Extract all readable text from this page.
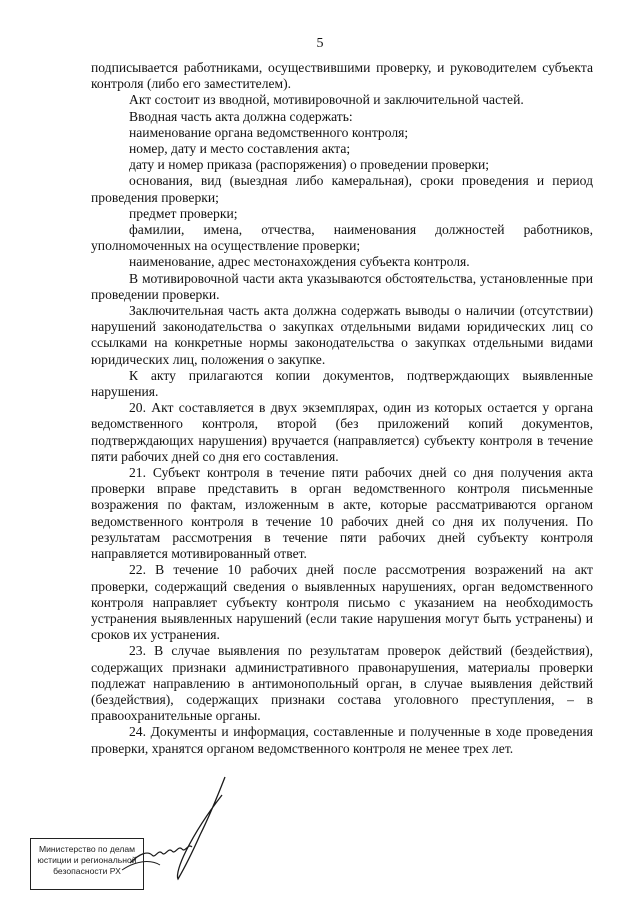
5

подписывается работниками, осуществившими проверку, и руководителем субъекта контроля (либо его заместителем).

Акт состоит из вводной, мотивировочной и заключительной частей.

Вводная часть акта должна содержать:

наименование органа ведомственного контроля;

номер, дату и место составления акта;

дату и номер приказа (распоряжения) о проведении проверки;

основания, вид (выездная либо камеральная), сроки проведения и период проведения проверки;

предмет проверки;

фамилии, имена, отчества, наименования должностей работников, уполномоченных на осуществление проверки;

наименование, адрес местонахождения субъекта контроля.

В мотивировочной части акта указываются обстоятельства, установленные при проведении проверки.

Заключительная часть акта должна содержать выводы о наличии (отсутствии) нарушений законодательства о закупках отдельными видами юридических лиц со ссылками на конкретные нормы законодательства о закупках отдельными видами юридических лиц, положения о закупке.

К акту прилагаются копии документов, подтверждающих выявленные нарушения.

20. Акт составляется в двух экземплярах, один из которых остается у органа ведомственного контроля, второй (без приложений копий документов, подтверждающих нарушения) вручается (направляется) субъекту контроля в течение пяти рабочих дней со дня его составления.

21. Субъект контроля в течение пяти рабочих дней со дня получения акта проверки вправе представить в орган ведомственного контроля письменные возражения по фактам, изложенным в акте, которые рассматриваются органом ведомственного контроля в течение 10 рабочих дней со дня их получения. По результатам рассмотрения в течение пяти рабочих дней субъекту контроля направляется мотивированный ответ.

22. В течение 10 рабочих дней после рассмотрения возражений на акт проверки, содержащий сведения о выявленных нарушениях, орган ведомственного контроля направляет субъекту контроля письмо с указанием на необходимость устранения выявленных нарушений (если такие нарушения могут быть устранены) и сроков их устранения.

23. В случае выявления по результатам проверок действий (бездействия), содержащих признаки административного правонарушения, материалы проверки подлежат направлению в антимонопольный орган, в случае выявления действий (бездействия), содержащих признаки состава уголовного преступления, – в правоохранительные органы.

24. Документы и информация, составленные и полученные в ходе проведения проверки, хранятся органом ведомственного контроля не менее трех лет.

Министерство по делам
юстиции и региональной
безопасности РХ
